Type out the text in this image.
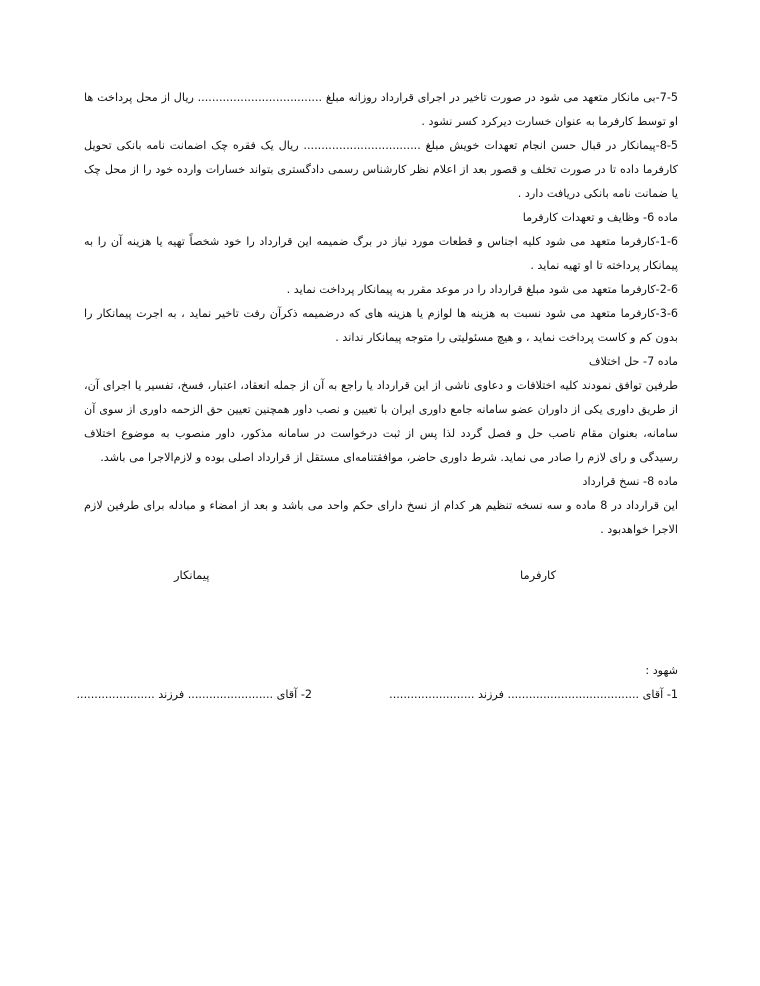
7-5-بی مانکار متعهد می شود در صورت تاخیر در اجرای قرارداد روزانه مبلغ ................................... ریال از محل پرداخت ها او توسط کارفرما به عنوان خسارت دیرکرد کسر نشود .

8-5-پیمانکار در قبال حسن انجام تعهدات خویش مبلغ ................................. ریال یک فقره چک اضمانت نامه بانکی تحویل کارفرما داده تا در صورت تخلف و قصور بعد از اعلام نظر کارشناس رسمی دادگستری بتواند خسارات وارده خود را از محل چک یا ضمانت نامه بانکی دریافت دارد .

ماده 6- وظایف و تعهدات کارفرما

1-6-کارفرما متعهد می شود کلیه اجناس و قطعات مورد نیاز در برگ ضمیمه این قرارداد را خود شخصاً تهیه یا هزینه آن را به پیمانکار پرداخته تا او تهیه نماید .

2-6-کارفرما متعهد می شود مبلغ قرارداد را در موعد مقرر به پیمانکار پرداخت نماید .

3-6-کارفرما متعهد می شود نسبت به هزینه ها لوازم یا هزینه های که درضمیمه ذکرآن رفت تاخیر نماید ، به اجرت پیمانکار را بدون کم و کاست پرداخت نماید ، و هیچ مسئولیتی را متوجه پیمانکار نداند .

ماده 7- حل اختلاف

طرفین توافق نمودند کلیه اختلافات و دعاوی ناشی از این قرارداد یا راجع به آن از جمله انعقاد، اعتبار، فسخ، تفسیر یا اجرای آن، از طریق داوری یکی از داوران عضو سامانه جامع داوری ایران با تعیین و نصب داور همچنین تعیین حق الزحمه داوری از سوی آن سامانه، بعنوان مقام ناصب حل و فصل گردد لذا پس از ثبت درخواست در سامانه مذکور، داور منصوب به موضوع اختلاف رسیدگی و رای لازم را صادر می نماید. شرط داوری حاضر، موافقتنامه‌ای مستقل از قرارداد اصلی بوده و لازم‌الاجرا می باشد.

ماده 8- نسخ قرارداد

این قرارداد در 8 ماده و سه نسخه تنظیم هر کدام از نسخ دارای حکم واحد می باشد و بعد از امضاء و مبادله برای طرفین لازم الاجرا خواهدبود .

کارفرما
پیمانکار
شهود :
1- آقای ..................................... فرزند ........................
2- آقای ........................ فرزند ......................
